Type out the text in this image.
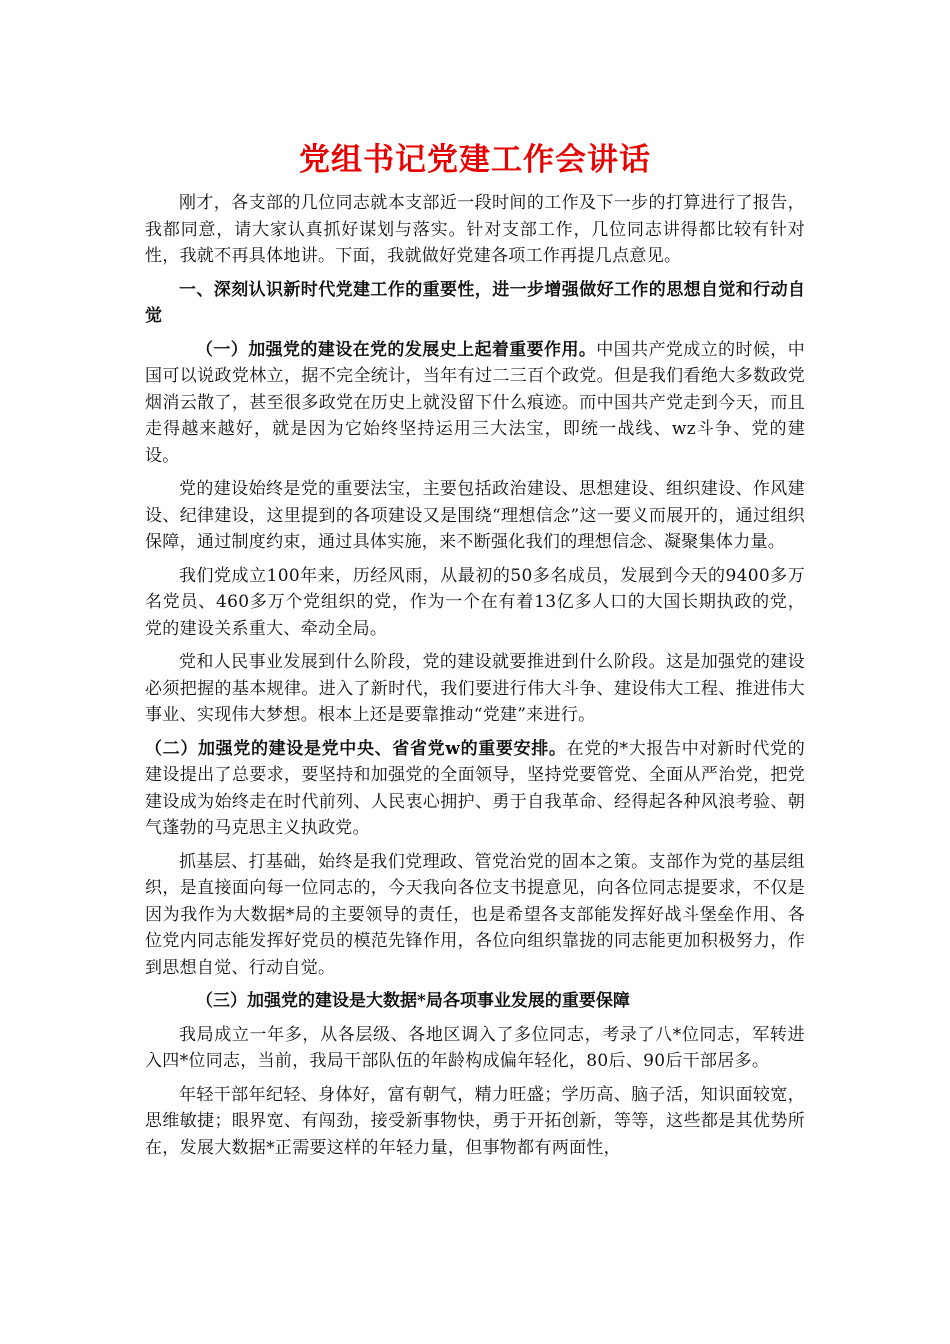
党组书记党建工作会讲话

刚才，各支部的几位同志就本支部近一段时间的工作及下一步的打算进行了报告，我都同意，请大家认真抓好谋划与落实。针对支部工作，几位同志讲得都比较有针对性，我就不再具体地讲。下面，我就做好党建各项工作再提几点意见。

一、深刻认识新时代党建工作的重要性，进一步增强做好工作的思想自觉和行动自觉

（一）加强党的建设在党的发展史上起着重要作用。中国共产党成立的时候，中国可以说政党林立，据不完全统计，当年有过二三百个政党。但是我们看绝大多数政党烟消云散了，甚至很多政党在历史上就没留下什么痕迹。而中国共产党走到今天，而且走得越来越好，就是因为它始终坚持运用三大法宝，即统一战线、wz斗争、党的建设。

党的建设始终是党的重要法宝，主要包括政治建设、思想建设、组织建设、作风建设、纪律建设，这里提到的各项建设又是围绕“理想信念”这一要义而展开的，通过组织保障，通过制度约束，通过具体实施，来不断强化我们的理想信念、凝聚集体力量。

我们党成立100年来，历经风雨，从最初的50多名成员，发展到今天的9400多万名党员、460多万个党组织的党，作为一个在有着13亿多人口的大国长期执政的党，党的建设关系重大、牵动全局。

党和人民事业发展到什么阶段，党的建设就要推进到什么阶段。这是加强党的建设必须把握的基本规律。进入了新时代，我们要进行伟大斗争、建设伟大工程、推进伟大事业、实现伟大梦想。根本上还是要靠推动“党建”来进行。

（二）加强党的建设是党中央、省省党w的重要安排。在党的*大报告中对新时代党的建设提出了总要求，要坚持和加强党的全面领导，坚持党要管党、全面从严治党，把党建设成为始终走在时代前列、人民衷心拥护、勇于自我革命、经得起各种风浪考验、朝气蓬勃的马克思主义执政党。

抓基层、打基础，始终是我们党理政、管党治党的固本之策。支部作为党的基层组织，是直接面向每一位同志的，今天我向各位支书提意见，向各位同志提要求，不仅是因为我作为大数据*局的主要领导的责任，也是希望各支部能发挥好战斗堡垒作用、各位党内同志能发挥好党员的模范先锋作用，各位向组织靠拢的同志能更加积极努力，作到思想自觉、行动自觉。

（三）加强党的建设是大数据*局各项事业发展的重要保障

我局成立一年多，从各层级、各地区调入了多位同志，考录了八*位同志，军转进入四*位同志，当前，我局干部队伍的年龄构成偏年轻化，80后、90后干部居多。

年轻干部年纪轻、身体好，富有朝气，精力旺盛；学历高、脑子活，知识面较宽，思维敏捷；眼界宽、有闯劲，接受新事物快，勇于开拓创新，等等，这些都是其优势所在，发展大数据*正需要这样的年轻力量，但事物都有两面性，
